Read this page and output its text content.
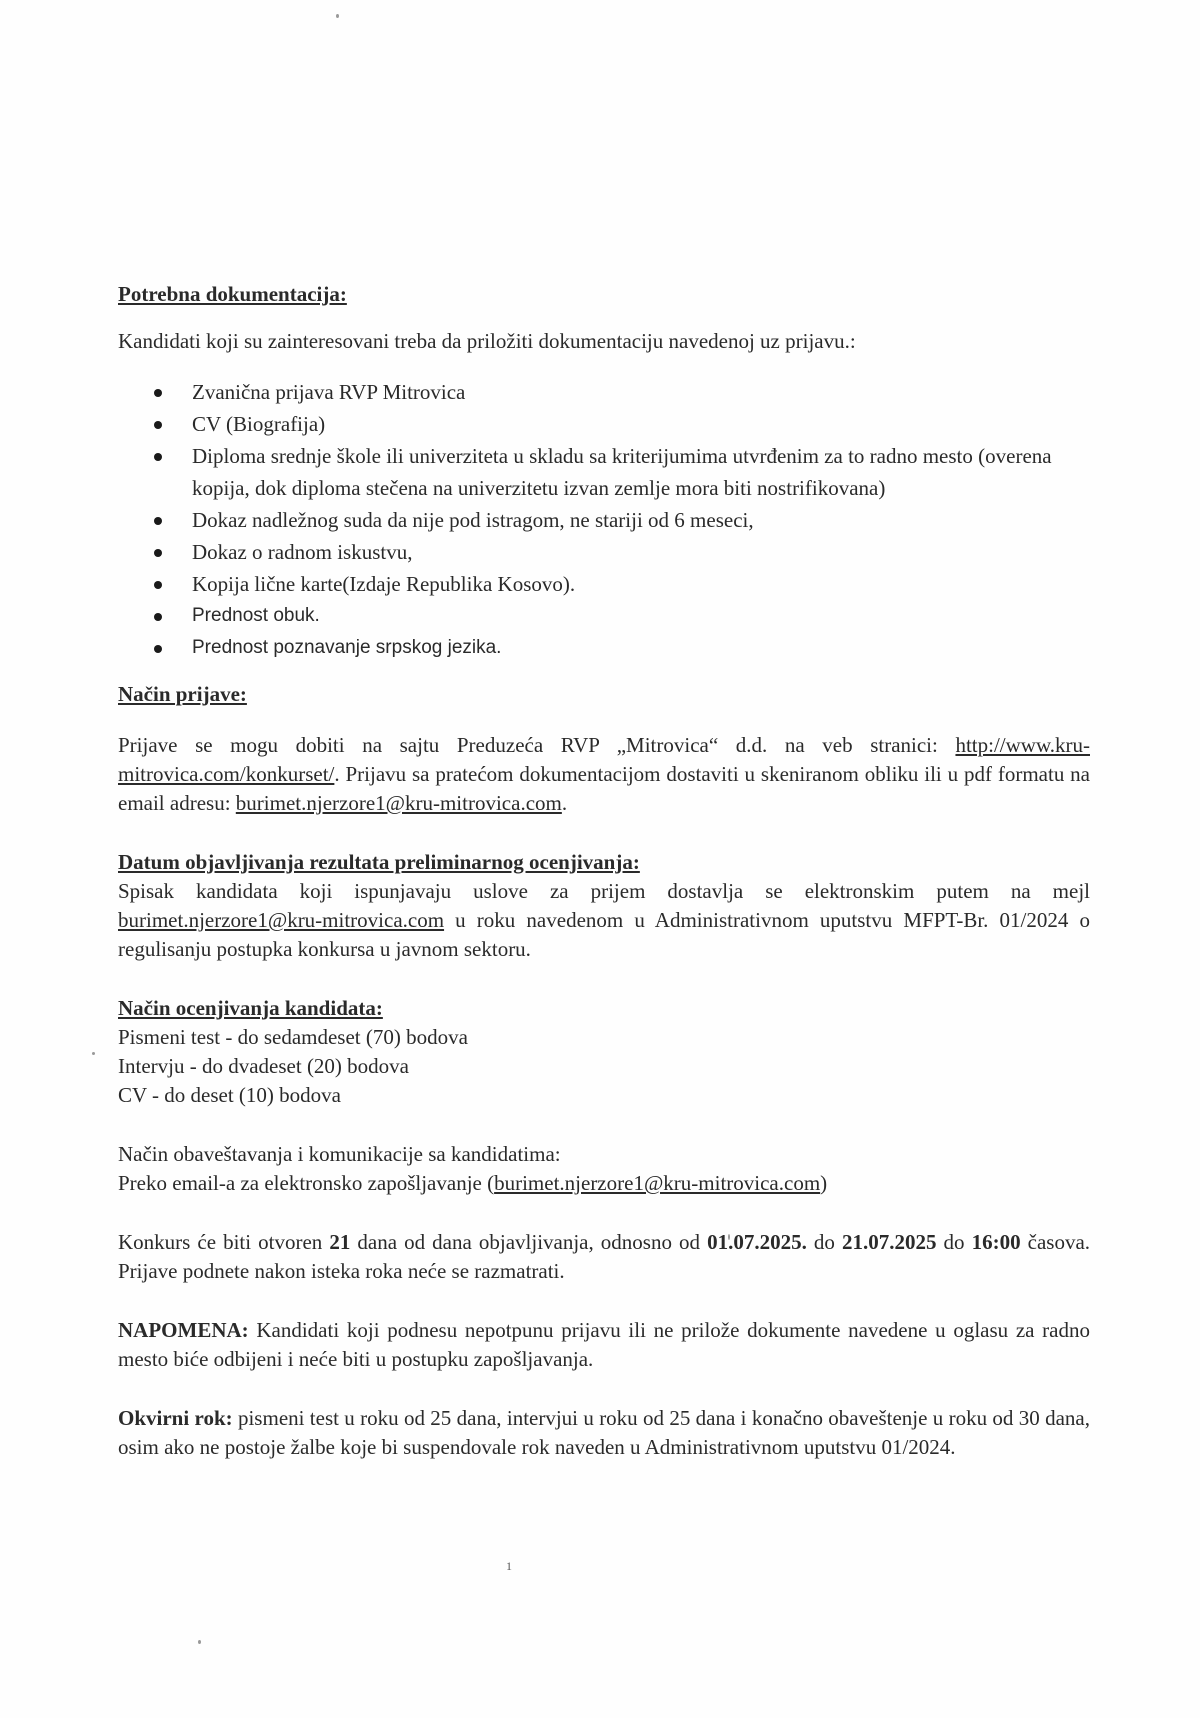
Potrebna dokumentacija:

Kandidati koji su zainteresovani treba da priložiti dokumentaciju navedenoj uz prijavu.:

Zvanična prijava RVP Mitrovica
CV (Biografija)
Diploma srednje škole ili univerziteta u skladu sa kriterijumima utvrđenim za to radno mesto (overena kopija, dok diploma stečena na univerzitetu izvan zemlje mora biti nostrifikovana)
Dokaz nadležnog suda da nije pod istragom, ne stariji od 6 meseci,
Dokaz o radnom iskustvu,
Kopija lične karte(Izdaje Republika Kosovo).
Prednost obuk.
Prednost poznavanje srpskog jezika.
Način prijave:

Prijave se mogu dobiti na sajtu Preduzeća RVP „Mitrovica“ d.d. na veb stranici: http://www.kru-mitrovica.com/konkurset/. Prijavu sa pratećom dokumentacijom dostaviti u skeniranom obliku ili u pdf formatu na email adresu: burimet.njerzore1@kru-mitrovica.com.

Datum objavljivanja rezultata preliminarnog ocenjivanja:

Spisak kandidata koji ispunjavaju uslove za prijem dostavlja se elektronskim putem na mejl burimet.njerzore1@kru-mitrovica.com u roku navedenom u Administrativnom uputstvu MFPT-Br. 01/2024 o regulisanju postupka konkursa u javnom sektoru.

Način ocenjivanja kandidata:

Pismeni test - do sedamdeset (70) bodova

Intervju - do dvadeset (20) bodova

CV - do deset (10) bodova

Način obaveštavanja i komunikacije sa kandidatima:

Preko email-a za elektronsko zapošljavanje (burimet.njerzore1@kru-mitrovica.com)

Konkurs će biti otvoren 21 dana od dana objavljivanja, odnosno od 01.07.2025. do 21.07.2025 do 16:00 časova. Prijave podnete nakon isteka roka neće se razmatrati.

NAPOMENA: Kandidati koji podnesu nepotpunu prijavu ili ne prilože dokumente navedene u oglasu za radno mesto biće odbijeni i neće biti u postupku zapošljavanja.

Okvirni rok: pismeni test u roku od 25 dana, intervjui u roku od 25 dana i konačno obaveštenje u roku od 30 dana, osim ako ne postoje žalbe koje bi suspendovale rok naveden u Administrativnom uputstvu 01/2024.

1
